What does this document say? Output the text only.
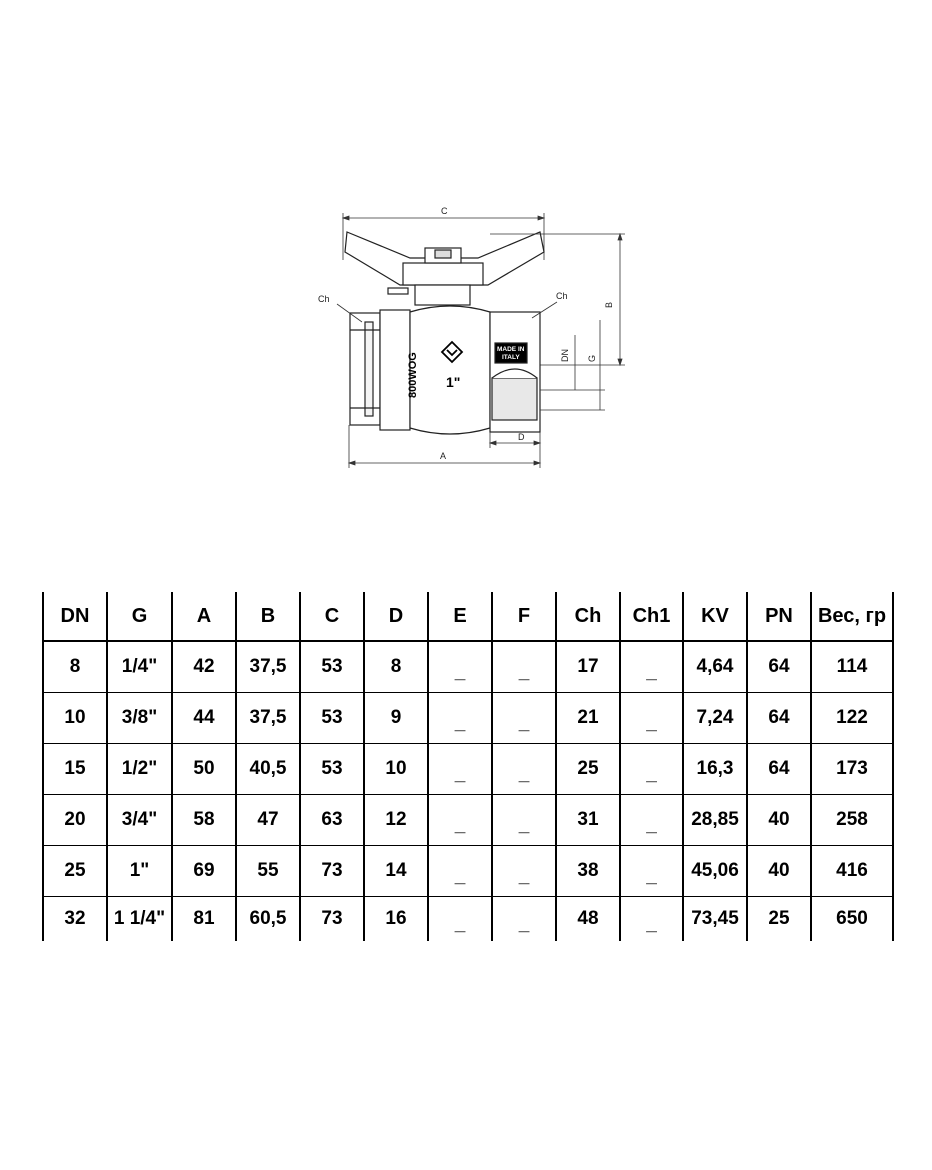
C
B
800WOG 1"
MADE IN
ITALY
Ch	Ch
DN G
D
A
DN	G	A	B	C	D	E	F	Ch	Ch1	KV	PN	Вес, гр
8	1/4"	42	37,5	53	8	_	_	17	_	4,64	64	114
10	3/8"	44	37,5	53	9	_	_	21	_	7,24	64	122
15	1/2"	50	40,5	53	10	_	_	25	_	16,3	64	173
20	3/4"	58	47	63	12	_	_	31	_	28,85	40	258
25	1"	69	55	73	14	_	_	38	_	45,06	40	416
32	1 1/4"	81	60,5	73	16	_	_	48	_	73,45	25	650
